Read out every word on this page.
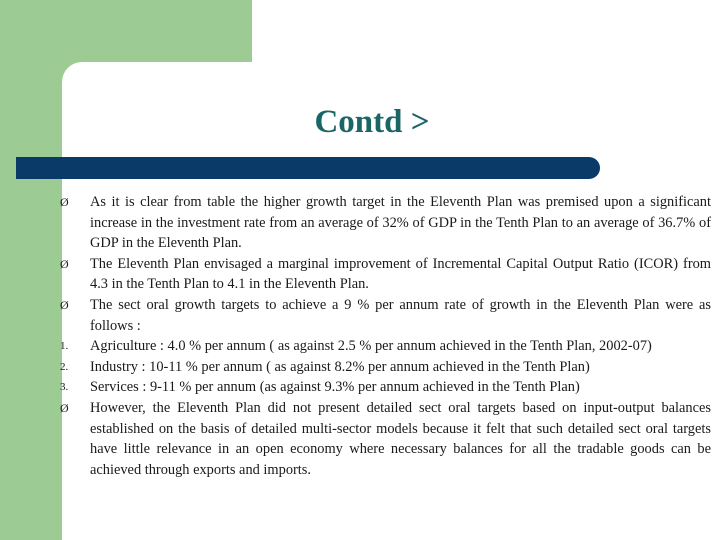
Contd >
Ø	As it is clear from table the higher growth target in the Eleventh Plan was premised upon a significant increase in the investment rate from an average of 32% of GDP in the Tenth Plan to an average of 36.7% of GDP in the Eleventh Plan.
Ø	The Eleventh Plan envisaged a marginal improvement of Incremental Capital Output Ratio (ICOR) from 4.3 in the Tenth Plan to 4.1 in the Eleventh Plan.
Ø	The sect oral growth targets to achieve a 9 % per annum rate of growth in the Eleventh Plan were as follows :
1.	Agriculture : 4.0 % per annum ( as against 2.5 % per annum achieved in the Tenth Plan, 2002-07)
2.	Industry : 10-11 % per annum ( as against 8.2% per annum achieved in the Tenth Plan)
3.	Services : 9-11 % per annum (as against 9.3% per annum achieved in the Tenth Plan)
Ø	However, the Eleventh Plan did not present detailed sect oral targets based on input-output balances established on the basis of detailed multi-sector models because it felt that such detailed sect oral targets have little relevance in an open economy where necessary balances for all the tradable goods can be achieved through exports and imports.
